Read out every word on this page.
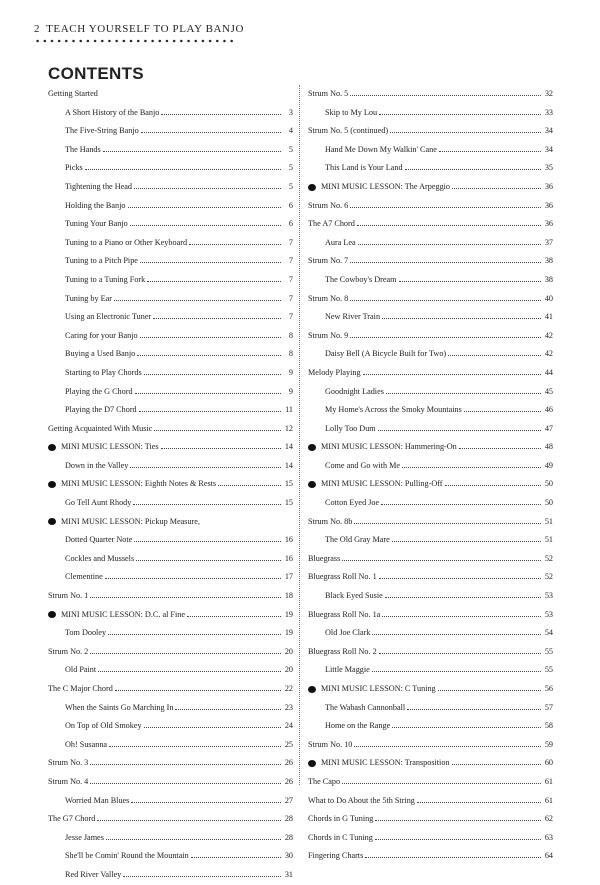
2 TEACH YOURSELF TO PLAY BANJO
CONTENTS
Getting Started
A Short History of the Banjo	3
The Five-String Banjo	4
The Hands	5
Picks	5
Tightening the Head	5
Holding the Banjo	6
Tuning Your Banjo	6
Tuning to a Piano or Other Keyboard	7
Tuning to a Pitch Pipe	7
Tuning to a Tuning Fork	7
Tuning by Ear	7
Using an Electronic Tuner	7
Caring for your Banjo	8
Buying a Used Banjo	8
Starting to Play Chords	9
Playing the G Chord	9
Playing the D7 Chord	11
Getting Acquainted With Music	12
MINI MUSIC LESSON: Ties	14
Down in the Valley	14
MINI MUSIC LESSON: Eighth Notes & Rests	15
Go Tell Aunt Rhody	15
MINI MUSIC LESSON: Pickup Measure,
Dotted Quarter Note	16
Cockles and Mussels	16
Clementine	17
Strum No. 1	18
MINI MUSIC LESSON: D.C. al Fine	19
Tom Dooley	19
Strum No. 2	20
Old Paint	20
The C Major Chord	22
When the Saints Go Marching In	23
On Top of Old Smokey	24
Oh! Susanna	25
Strum No. 3	26
Strum No. 4	26
Worried Man Blues	27
The G7 Chord	28
Jesse James	28
She'll be Comin' Round the Mountain	30
Red River Valley	31
Strum No. 5	32
Skip to My Lou	33
Strum No. 5 (continued)	34
Hand Me Down My Walkin' Cane	34
This Land is Your Land	35
MINI MUSIC LESSON: The Arpeggio	36
Strum No. 6	36
The A7 Chord	36
Aura Lea	37
Strum No. 7	38
The Cowboy's Dream	38
Strum No. 8	40
New River Train	41
Strum No. 9	42
Daisy Bell (A Bicycle Built for Two)	42
Melody Playing	44
Goodnight Ladies	45
My Home's Across the Smoky Mountains	46
Lolly Too Dum	47
MINI MUSIC LESSON: Hammering-On	48
Come and Go with Me	49
MINI MUSIC LESSON: Pulling-Off	50
Cotton Eyed Joe	50
Strum No. 8b	51
The Old Gray Mare	51
Bluegrass	52
Bluegrass Roll No. 1	52
Black Eyed Susie	53
Bluegrass Roll No. 1a	53
Old Joe Clark	54
Bluegrass Roll No. 2	55
Little Maggie	55
MINI MUSIC LESSON: C Tuning	56
The Wabash Cannonball	57
Home on the Range	58
Strum No. 10	59
MINI MUSIC LESSON: Transposition	60
The Capo	61
What to Do About the 5th String	61
Chords in G Tuning	62
Chords in C Tuning	63
Fingering Charts	64
